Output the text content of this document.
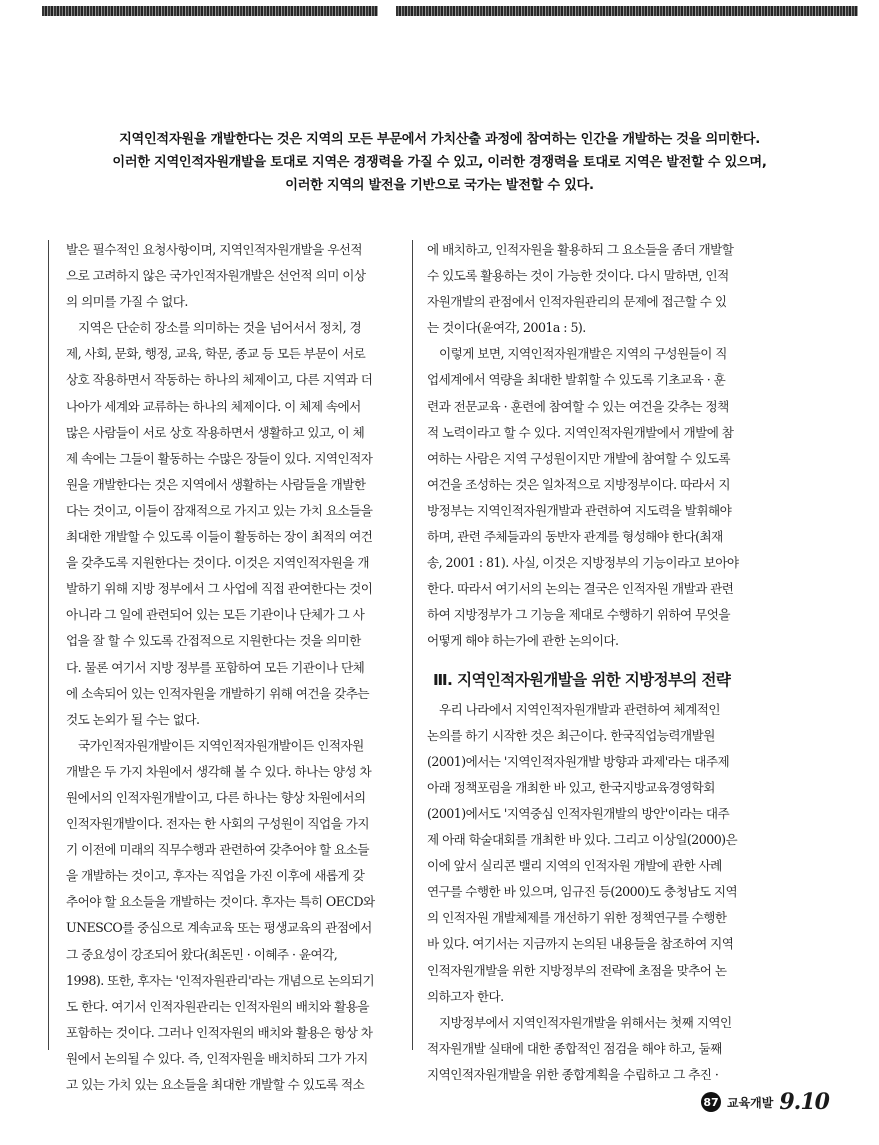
지역인적자원을 개발한다는 것은 지역의 모든 부문에서 가치산출 과정에 참여하는 인간을 개발하는 것을 의미한다.
이러한 지역인적자원개발을 토대로 지역은 경쟁력을 가질 수 있고, 이러한 경쟁력을 토대로 지역은 발전할 수 있으며,
이러한 지역의 발전을 기반으로 국가는 발전할 수 있다.
발은 필수적인 요청사항이며, 지역인적자원개발을 우선적
으로 고려하지 않은 국가인적자원개발은 선언적 의미 이상
의 의미를 가질 수 없다.
지역은 단순히 장소를 의미하는 것을 넘어서서 정치, 경
제, 사회, 문화, 행정, 교육, 학문, 종교 등 모든 부문이 서로
상호 작용하면서 작동하는 하나의 체제이고, 다른 지역과 더
나아가 세계와 교류하는 하나의 체제이다. 이 체제 속에서
많은 사람들이 서로 상호 작용하면서 생활하고 있고, 이 체
제 속에는 그들이 활동하는 수많은 장들이 있다. 지역인적자
원을 개발한다는 것은 지역에서 생활하는 사람들을 개발한
다는 것이고, 이들이 잠재적으로 가지고 있는 가치 요소들을
최대한 개발할 수 있도록 이들이 활동하는 장이 최적의 여건
을 갖추도록 지원한다는 것이다. 이것은 지역인적자원을 개
발하기 위해 지방 정부에서 그 사업에 직접 관여한다는 것이
아니라 그 일에 관련되어 있는 모든 기관이나 단체가 그 사
업을 잘 할 수 있도록 간접적으로 지원한다는 것을 의미한
다. 물론 여기서 지방 정부를 포함하여 모든 기관이나 단체
에 소속되어 있는 인적자원을 개발하기 위해 여건을 갖추는
것도 논외가 될 수는 없다.
국가인적자원개발이든 지역인적자원개발이든 인적자원
개발은 두 가지 차원에서 생각해 볼 수 있다. 하나는 양성 차
원에서의 인적자원개발이고, 다른 하나는 향상 차원에서의
인적자원개발이다. 전자는 한 사회의 구성원이 직업을 가지
기 이전에 미래의 직무수행과 관련하여 갖추어야 할 요소들
을 개발하는 것이고, 후자는 직업을 가진 이후에 새롭게 갖
추어야 할 요소들을 개발하는 것이다. 후자는 특히 OECD와
UNESCO를 중심으로 계속교육 또는 평생교육의 관점에서
그 중요성이 강조되어 왔다(최돈민 · 이혜주 · 윤여각,
1998). 또한, 후자는 '인적자원관리'라는 개념으로 논의되기
도 한다. 여기서 인적자원관리는 인적자원의 배치와 활용을
포함하는 것이다. 그러나 인적자원의 배치와 활용은 항상 차
원에서 논의될 수 있다. 즉, 인적자원을 배치하되 그가 가지
고 있는 가치 있는 요소들을 최대한 개발할 수 있도록 적소
에 배치하고, 인적자원을 활용하되 그 요소들을 좀더 개발할
수 있도록 활용하는 것이 가능한 것이다. 다시 말하면, 인적
자원개발의 관점에서 인적자원관리의 문제에 접근할 수 있
는 것이다(윤여각, 2001a : 5).
이렇게 보면, 지역인적자원개발은 지역의 구성원들이 직
업세계에서 역량을 최대한 발휘할 수 있도록 기초교육 · 훈
련과 전문교육 · 훈련에 참여할 수 있는 여건을 갖추는 정책
적 노력이라고 할 수 있다. 지역인적자원개발에서 개발에 참
여하는 사람은 지역 구성원이지만 개발에 참여할 수 있도록
여건을 조성하는 것은 일차적으로 지방정부이다. 따라서 지
방정부는 지역인적자원개발과 관련하여 지도력을 발휘해야
하며, 관련 주체들과의 동반자 관계를 형성해야 한다(최재
송, 2001 : 81). 사실, 이것은 지방정부의 기능이라고 보아야
한다. 따라서 여기서의 논의는 결국은 인적자원 개발과 관련
하여 지방정부가 그 기능을 제대로 수행하기 위하여 무엇을
어떻게 해야 하는가에 관한 논의이다.
Ⅲ. 지역인적자원개발을 위한 지방정부의 전략
우리 나라에서 지역인적자원개발과 관련하여 체계적인
논의를 하기 시작한 것은 최근이다. 한국직업능력개발원
(2001)에서는 '지역인적자원개발 방향과 과제'라는 대주제
아래 정책포럼을 개최한 바 있고, 한국지방교육경영학회
(2001)에서도 '지역중심 인적자원개발의 방안'이라는 대주
제 아래 학술대회를 개최한 바 있다. 그리고 이상일(2000)은
이에 앞서 실리콘 밸리 지역의 인적자원 개발에 관한 사례
연구를 수행한 바 있으며, 임규진 등(2000)도 충청남도 지역
의 인적자원 개발체제를 개선하기 위한 정책연구를 수행한
바 있다. 여기서는 지금까지 논의된 내용들을 참조하여 지역
인적자원개발을 위한 지방정부의 전략에 초점을 맞추어 논
의하고자 한다.
지방정부에서 지역인적자원개발을 위해서는 첫째 지역인
적자원개발 실태에 대한 종합적인 점검을 해야 하고, 둘째
지역인적자원개발을 위한 종합계획을 수립하고 그 추진 ·
87 교육개발 9.10
